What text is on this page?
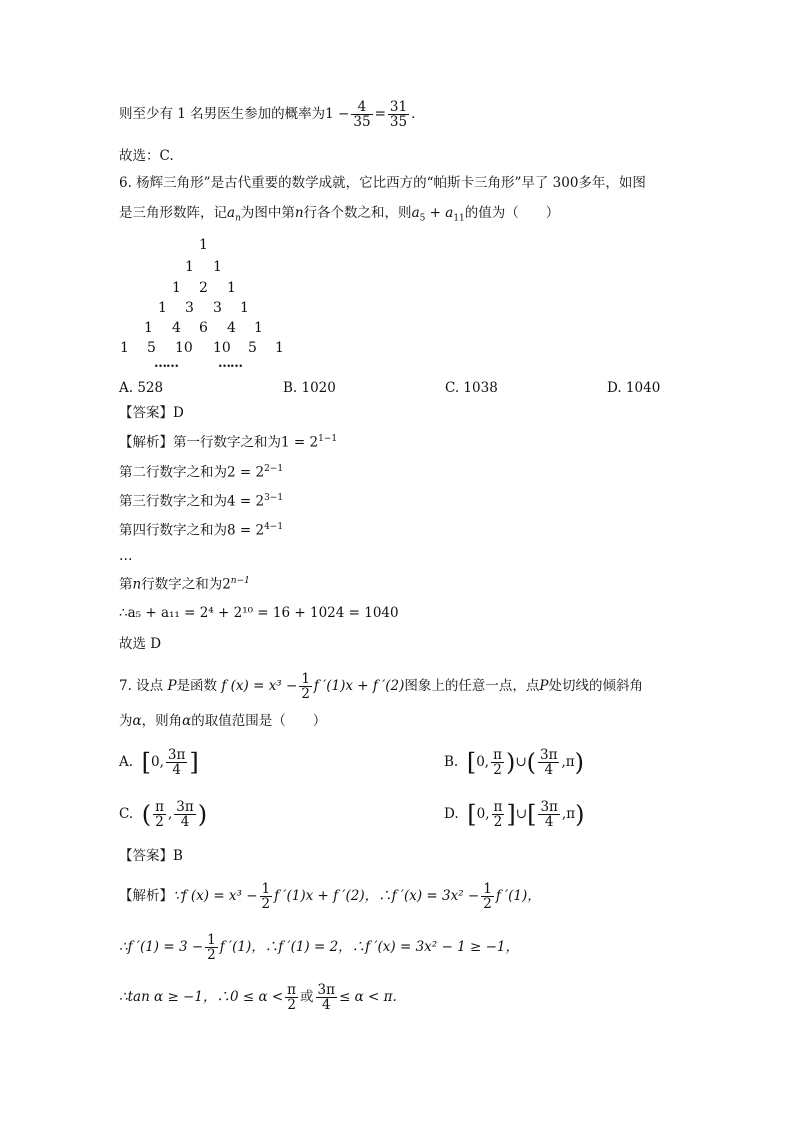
则至少有 1 名男医生参加的概率为$1 - \frac{4}{35} = \frac{31}{35}$ .
故选：C.
6. 杨辉三角形”是古代重要的数学成就，它比西方的“帕斯卡三角形”早了 300多年，如图
是三角形数阵，记$a_n$为图中第n行各个数之和，则$a_5 + a_{11}$的值为（　　）
1
1 1
1 2 1
1 3 3 1
1 4 6 4 1
1 5 10 10 5 1
……	……
A. 528	B. 1020	C. 1038	D. 1040
【答案】D
【解析】第一行数字之和为$1 = 2^{1-1}$
第二行数字之和为$2 = 2^{2-1}$
第三行数字之和为$4 = 2^{3-1}$
第四行数字之和为$8 = 2^{4-1}$
…
第n行数字之和为$2^{n-1}$
∴a₅ + a₁₁ = 2⁴ + 2¹⁰ = 16 + 1024 = 1040
故选 D
7. 设点 P是函数 f $(x) = x^3 - \frac{1}{2}$ f ′(1)x + f ′(2)图象上的任意一点，点P处切线的倾斜角
为α，则角α的取值范围是（　　）
A. [0, $\frac{3\pi}{4}$ ]	B. [0, $\frac{\pi}{2}$ )∪( $\frac{3\pi}{4} ,\pi$)
C. ( $\frac{\pi}{2}$ , $\frac{3\pi}{4}$ )	D. [0, $\frac{\pi}{2}$ ]∪[ $\frac{3\pi}{4} ,\pi$)
【答案】B
【解析】∵f $(x) = x^3 - \frac{1}{2}$ f ′(1)x + f ′(2)，∴f $'(x) = 3x^2 - \frac{1}{2}$ f ′(1)，
∴f $'(1) = 3 - \frac{1}{2}$ f ′(1)，∴f ′(1) = 2，∴f ′(x) = 3x² − 1 ≥ −1，
∴tan α ≥ −1，∴0 ≤ $\alpha < \frac{\pi}{2}$ 或 $\frac{3\pi}{4} \le \alpha < \pi$.
